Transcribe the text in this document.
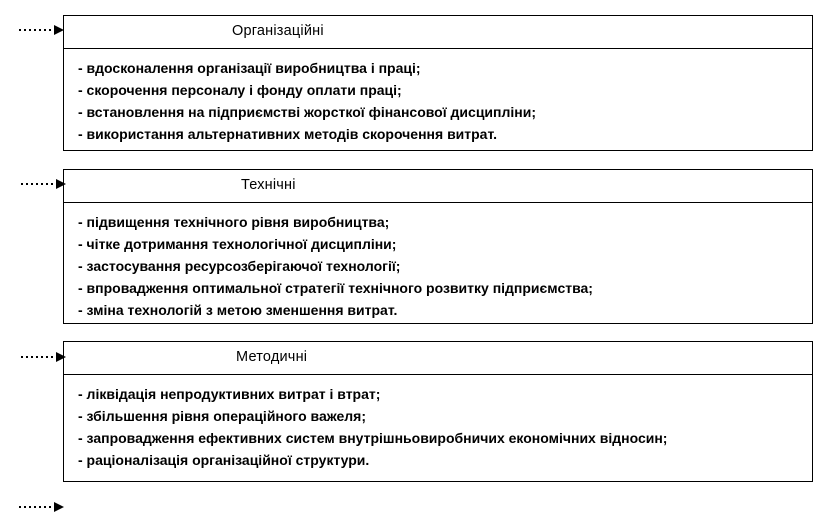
Організаційні
- вдосконалення організації виробництва і праці;
- скорочення персоналу і фонду оплати праці;
- встановлення на підприємстві жорсткої фінансової дисципліни;
- використання альтернативних методів скорочення витрат.
Технічні
- підвищення технічного рівня виробництва;
- чітке дотримання технологічної дисципліни;
- застосування ресурсозберігаючої технології;
- впровадження оптимальної стратегії технічного розвитку підприємства;
- зміна технологій з метою зменшення витрат.
Методичні
- ліквідація непродуктивних витрат і втрат;
- збільшення рівня операційного важеля;
- запровадження ефективних систем внутрішньовиробничих економічних відносин;
- раціоналізація організаційної структури.
